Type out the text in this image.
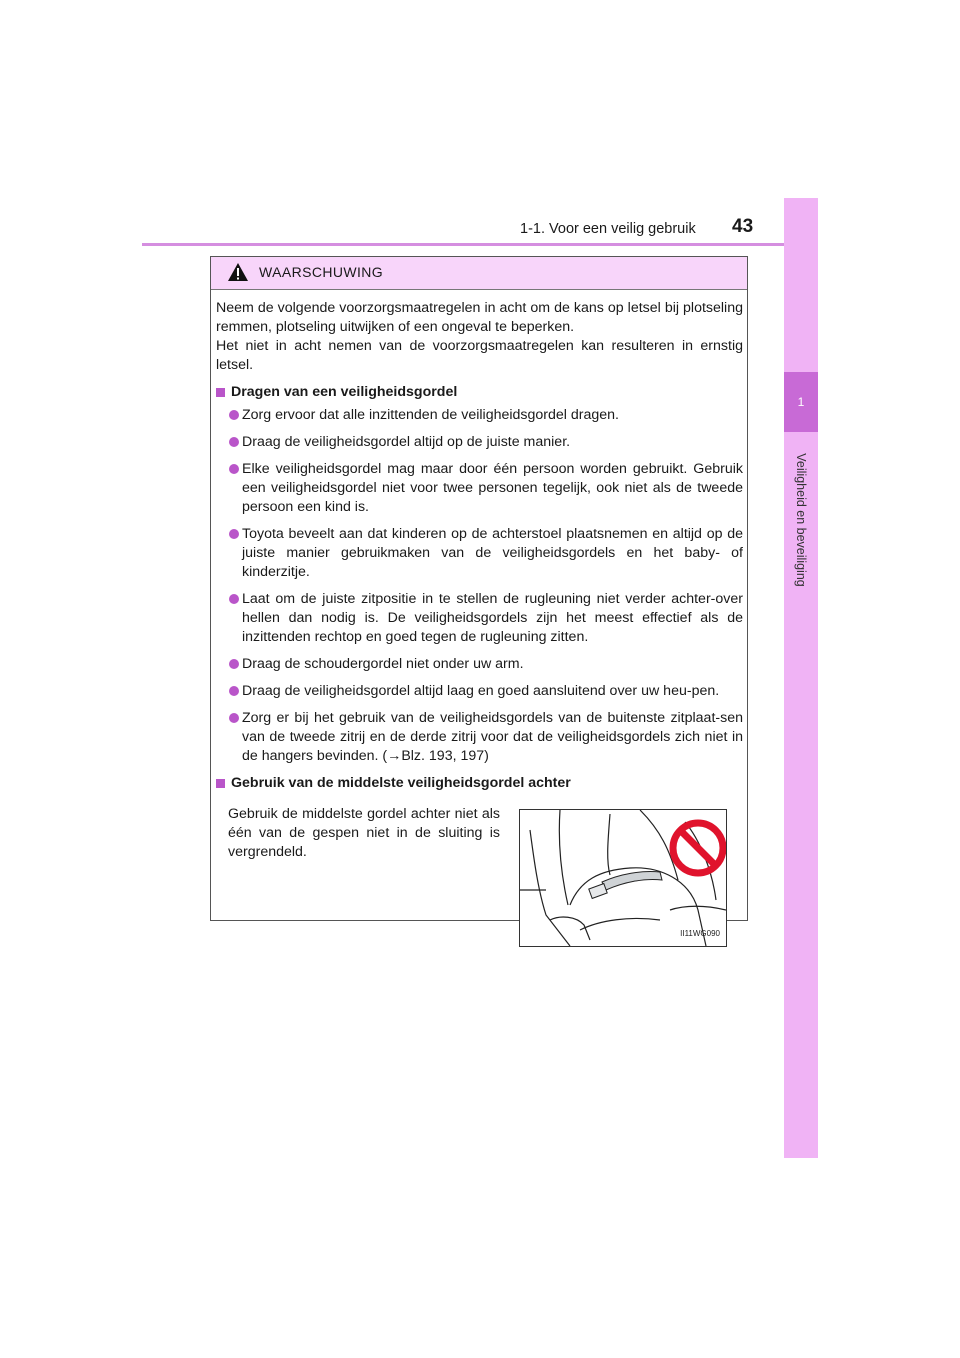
1-1. Voor een veilig gebruik 43
1
Veiligheid en beveiliging
WAARSCHUWING

Neem de volgende voorzorgsmaatregelen in acht om de kans op letsel bij plotseling remmen, plotseling uitwijken of een ongeval te beperken.
Het niet in acht nemen van de voorzorgsmaatregelen kan resulteren in ernstig letsel.

Dragen van een veiligheidsgordel
Zorg ervoor dat alle inzittenden de veiligheidsgordel dragen.
Draag de veiligheidsgordel altijd op de juiste manier.
Elke veiligheidsgordel mag maar door één persoon worden gebruikt. Gebruik een veiligheidsgordel niet voor twee personen tegelijk, ook niet als de tweede persoon een kind is.
Toyota beveelt aan dat kinderen op de achterstoel plaatsnemen en altijd op de juiste manier gebruikmaken van de veiligheidsgordels en het baby- of kinderzitje.
Laat om de juiste zitpositie in te stellen de rugleuning niet verder achter-over hellen dan nodig is. De veiligheidsgordels zijn het meest effectief als de inzittenden rechtop en goed tegen de rugleuning zitten.
Draag de schoudergordel niet onder uw arm.
Draag de veiligheidsgordel altijd laag en goed aansluitend over uw heu-pen.
Zorg er bij het gebruik van de veiligheidsgordels van de buitenste zitplaat-sen van de tweede zitrij en de derde zitrij voor dat de veiligheidsgordels zich niet in de hangers bevinden. (→Blz. 193, 197)
Gebruik van de middelste veiligheidsgordel achter
Gebruik de middelste gordel achter niet als één van de gespen niet in de sluiting is vergrendeld.
II11WG090
